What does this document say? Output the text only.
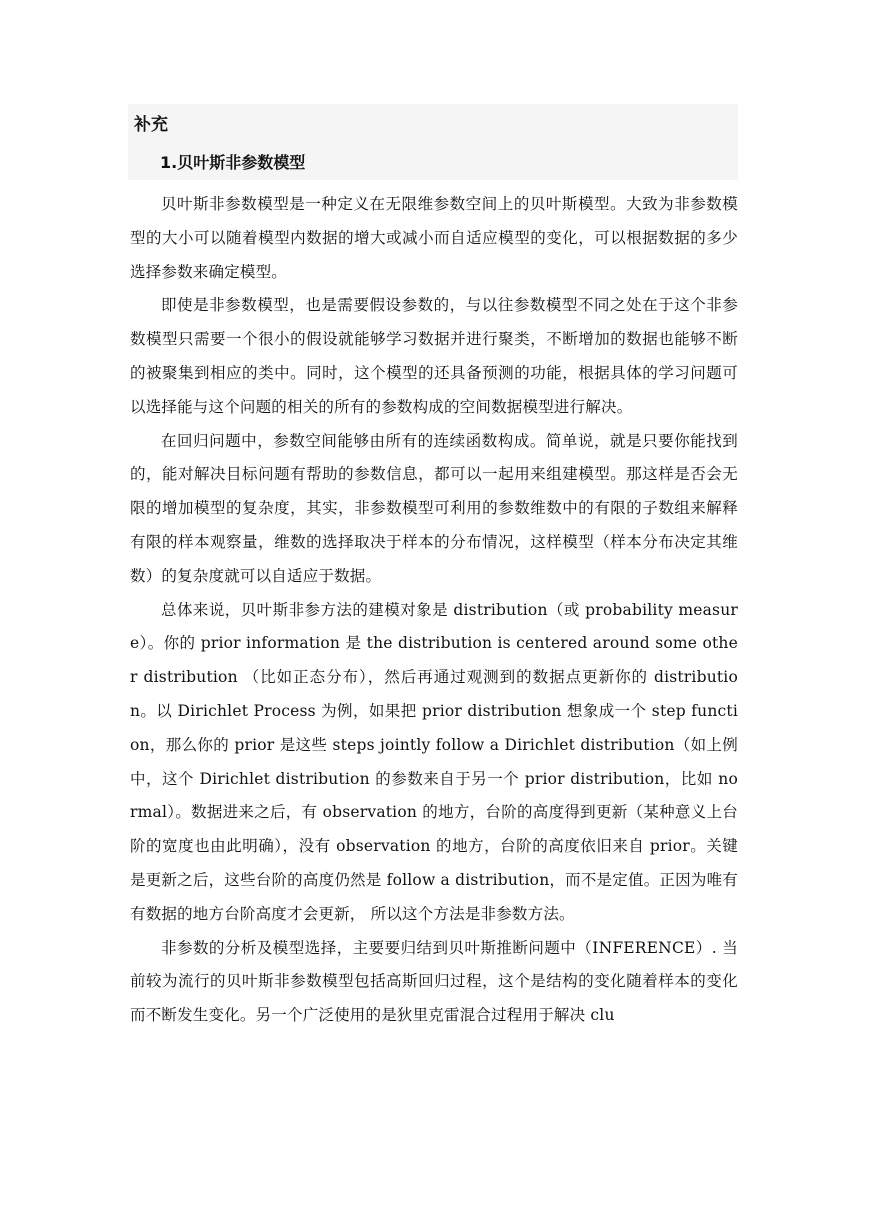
补充
1.贝叶斯非参数模型

贝叶斯非参数模型是一种定义在无限维参数空间上的贝叶斯模型。大致为非参数模型的大小可以随着模型内数据的增大或减小而自适应模型的变化，可以根据数据的多少选择参数来确定模型。

即使是非参数模型，也是需要假设参数的，与以往参数模型不同之处在于这个非参数模型只需要一个很小的假设就能够学习数据并进行聚类，不断增加的数据也能够不断的被聚集到相应的类中。同时，这个模型的还具备预测的功能，根据具体的学习问题可以选择能与这个问题的相关的所有的参数构成的空间数据模型进行解决。

在回归问题中，参数空间能够由所有的连续函数构成。简单说，就是只要你能找到的，能对解决目标问题有帮助的参数信息，都可以一起用来组建模型。那这样是否会无限的增加模型的复杂度，其实，非参数模型可利用的参数维数中的有限的子数组来解释有限的样本观察量，维数的选择取决于样本的分布情况，这样模型（样本分布决定其维数）的复杂度就可以自适应于数据。

总体来说，贝叶斯非参方法的建模对象是 distribution（或 probability measure）。你的 prior information 是 the distribution is centered around some other distribution （比如正态分布），然后再通过观测到的数据点更新你的 distribution。以 Dirichlet Process 为例，如果把 prior distribution 想象成一个 step function，那么你的 prior 是这些 steps jointly follow a Dirichlet distribution（如上例中，这个 Dirichlet distribution 的参数来自于另一个 prior distribution，比如 normal）。数据进来之后，有 observation 的地方，台阶的高度得到更新（某种意义上台阶的宽度也由此明确），没有 observation 的地方，台阶的高度依旧来自 prior。关键是更新之后，这些台阶的高度仍然是 follow a distribution，而不是定值。正因为唯有有数据的地方台阶高度才会更新， 所以这个方法是非参数方法。

非参数的分析及模型选择，主要要归结到贝叶斯推断问题中（INFERENCE）. 当前较为流行的贝叶斯非参数模型包括高斯回归过程，这个是结构的变化随着样本的变化而不断发生变化。另一个广泛使用的是狄里克雷混合过程用于解决 clu
